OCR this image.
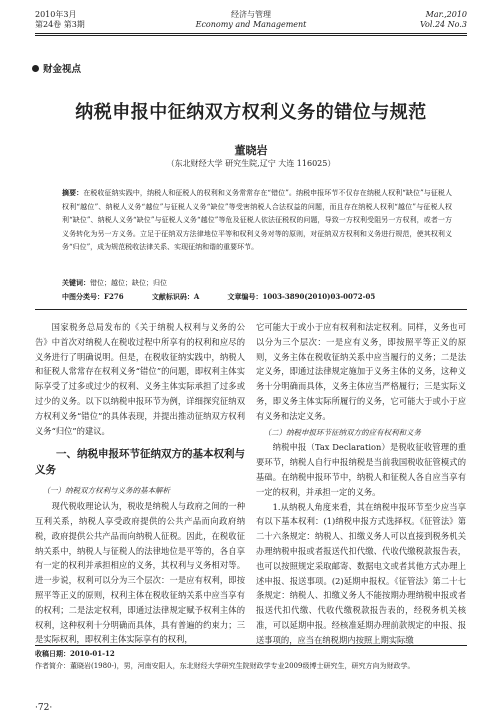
2010年3月
第24卷 第3期
经济与管理
Economy and Management
Mar.,2010
Vol.24 No.3
财金视点
纳税申报中征纳双方权利义务的错位与规范
董晓岩
（东北财经大学 研究生院,辽宁 大连 116025）
摘要：在税收征纳实践中，纳税人和征税人的权利和义务常常存在“错位”。纳税申报环节不仅存在纳税人权利“缺位”与征税人权利“越位”、纳税人义务“越位”与征税人义务“缺位”等受害纳税人合法权益的问题，而且存在纳税人权利“越位”与征税人权利“缺位”、纳税人义务“缺位”与征税人义务“越位”等危及征税人依法征税权的问题，导致一方权利受阻另一方权利，或者一方义务转化为另一方义务。立足于征纳双方法律地位平等和权利义务对等的原则，对征纳双方权利和义务进行规范，使其权利义务“归位”，成为规范税收法律关系、实现征纳和谐的重要环节。
关键词：错位；越位；缺位；归位
中图分类号：F276	文献标识码：A	文章编号：1003-3890(2010)03-0072-05

国家税务总局发布的《关于纳税人权利与义务的公告》中首次对纳税人在税收过程中所享有的权利和应尽的义务进行了明确说明。但是，在税收征纳实践中，纳税人和征税人常常存在权利义务“错位”的问题，即权利主体实际享受了过多或过少的权利、义务主体实际承担了过多或过少的义务。以下以纳税申报环节为例，详细探究征纳双方权利义务“错位”的具体表现，并提出推动征纳双方权利义务“归位”的建议。

一、纳税申报环节征纳双方的基本权利与义务
（一）纳税双方权利与义务的基本解析

现代税收理论认为，税收是纳税人与政府之间的一种互利关系，纳税人享受政府提供的公共产品而向政府纳税，政府提供公共产品而向纳税人征税。因此，在税收征纳关系中，纳税人与征税人的法律地位是平等的，各自享有一定的权利并承担相应的义务，其权利与义务相对等。进一步说，权利可以分为三个层次：一是应有权利，即按照平等正义的原则，权利主体在税收征纳关系中应当享有的权利；二是法定权利，即通过法律规定赋予权利主体的权利，这种权利十分明确而具体，具有普遍的约束力；三是实际权利，即权利主体实际享有的权利，

它可能大于或小于应有权利和法定权利。同样，义务也可以分为三个层次：一是应有义务，即按照平等正义的原则，义务主体在税收征纳关系中应当履行的义务；二是法定义务，即通过法律规定施加于义务主体的义务，这种义务十分明确而具体，义务主体应当严格履行；三是实际义务，即义务主体实际所履行的义务，它可能大于或小于应有义务和法定义务。

（二）纳税申报环节征纳双方的应有权利和义务

纳税申报（Tax Declaration）是税收征收管理的重要环节，纳税人自行申报纳税是当前我国税收征管模式的基础。在纳税申报环节中，纳税人和征税人各自应当享有一定的权利，并承担一定的义务。

1.从纳税人角度来看，其在纳税申报环节至少应当享有以下基本权利：(1)纳税申报方式选择权。《征管法》第二十六条规定：纳税人、扣缴义务人可以直接到税务机关办理纳税申报或者报送代扣代缴、代收代缴税款报告表，也可以按照规定采取邮寄、数据电文或者其他方式办理上述申报、报送事项。(2)延期申报权。《征管法》第二十七条规定：纳税人、扣缴义务人不能按期办理纳税申报或者报送代扣代缴、代收代缴税款报告表的，经税务机关核准，可以延期申报。经核准延期办理前款规定的申报、报送事项的，应当在纳税期内按照上期实际缴

收稿日期：2010-01-12
作者简介：董晓岩(1980-)，男，河南安阳人，东北财经大学研究生院财政学专业2009级博士研究生，研究方向为财政学。
·72·
